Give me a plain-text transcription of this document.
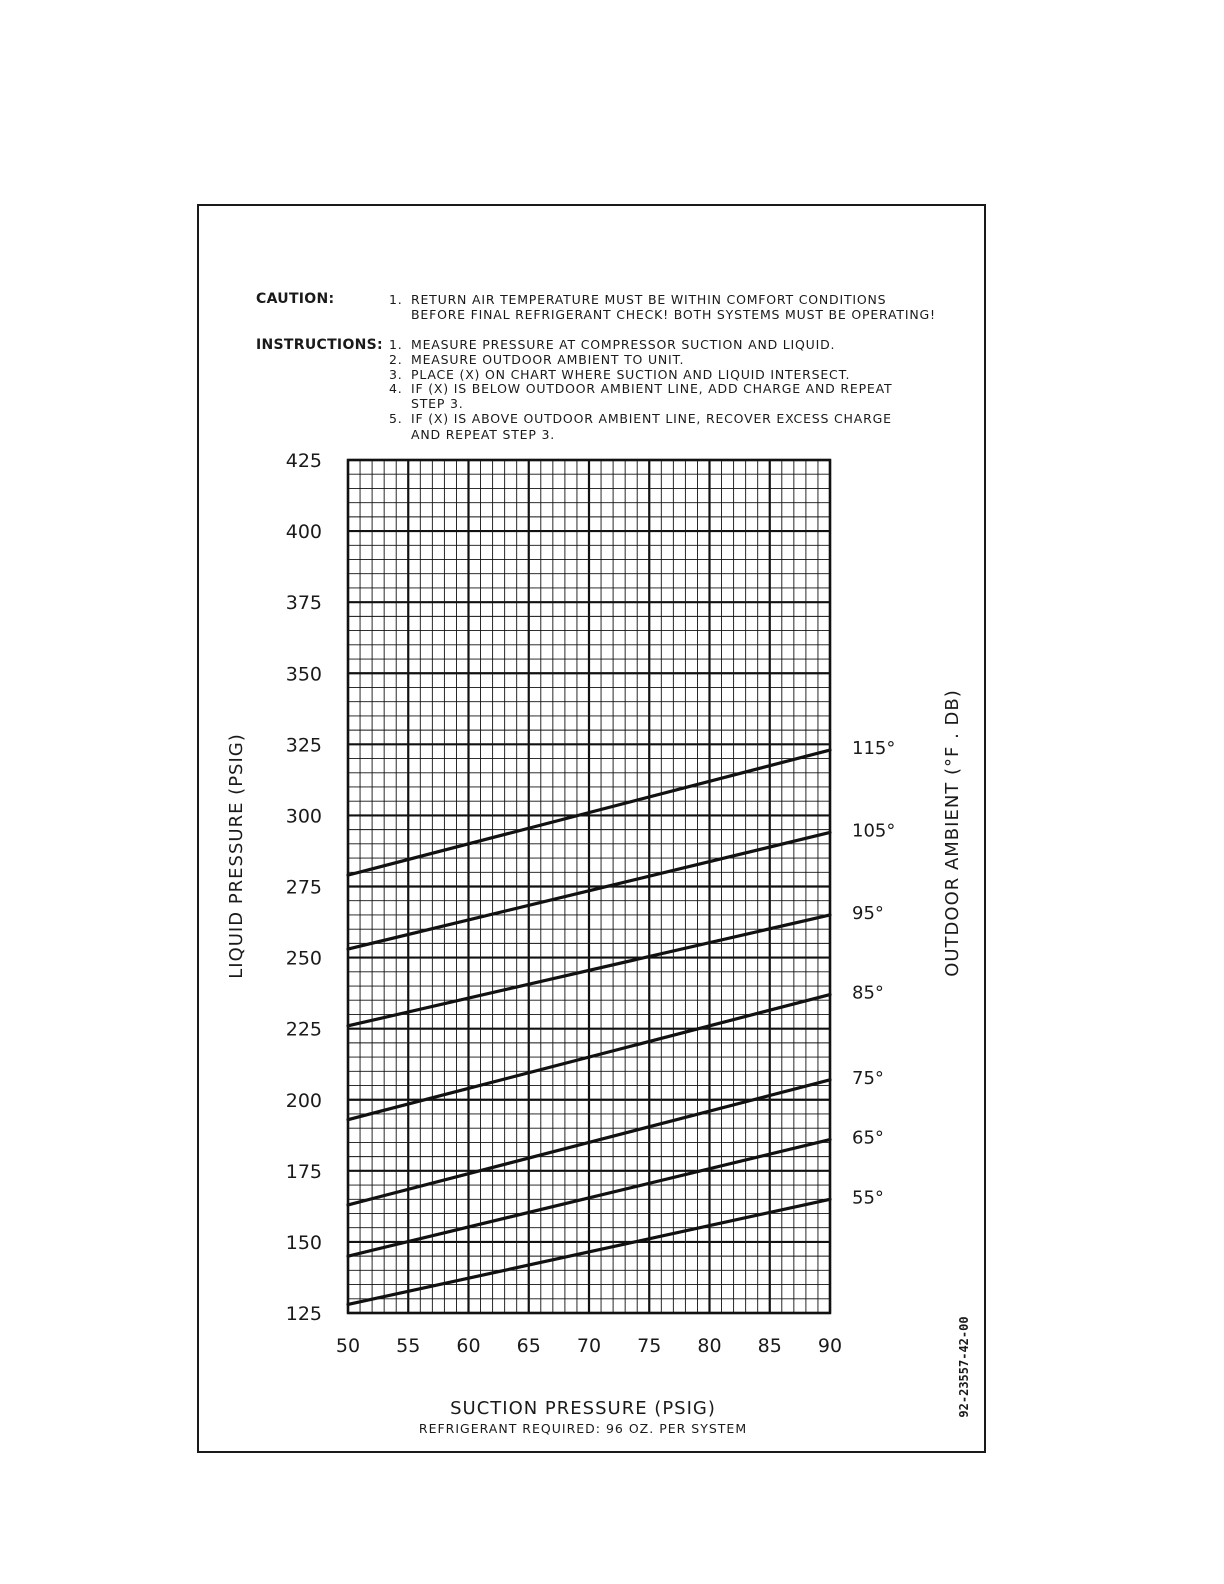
CAUTION:	1. RETURN AIR TEMPERATURE MUST BE WITHIN COMFORT CONDITIONS
BEFORE FINAL REFRIGERANT CHECK! BOTH SYSTEMS MUST BE OPERATING!
INSTRUCTIONS: 1. MEASURE PRESSURE AT COMPRESSOR SUCTION AND LIQUID.
2. MEASURE OUTDOOR AMBIENT TO UNIT.
3. PLACE (X) ON CHART WHERE SUCTION AND LIQUID INTERSECT.
4. IF (X) IS BELOW OUTDOOR AMBIENT LINE, ADD CHARGE AND REPEAT
STEP 3.
5. IF (X) IS ABOVE OUTDOOR AMBIENT LINE, RECOVER EXCESS CHARGE
AND REPEAT STEP 3.
125
150
175
200
225
250
275
300
325
350
375
400
425
50 55 60 65 70 75 80 85 90
115°
105°
95°
85°
75°
65°
55°
LIQUID PRESSURE (PSIG)	OUTDOOR AMBIENT (°F . DB)
SUCTION PRESSURE (PSIG)
REFRIGERANT REQUIRED: 96 OZ. PER SYSTEM
92-23557-42-00
